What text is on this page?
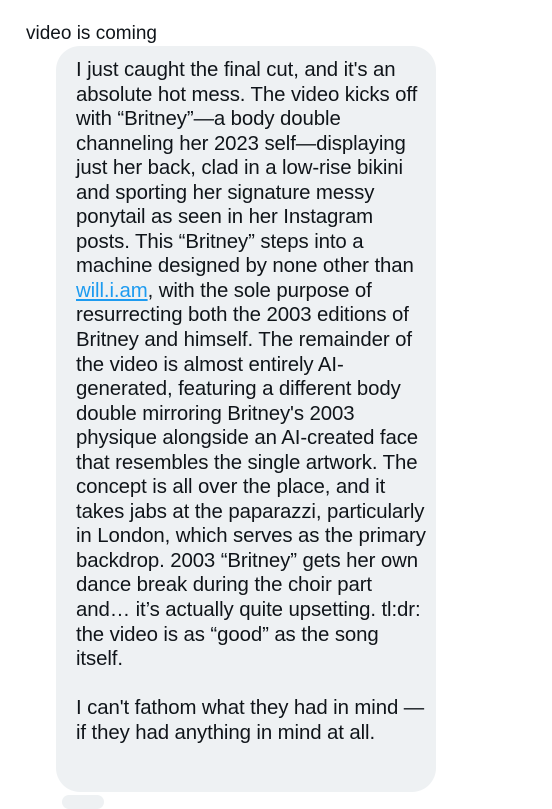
video is coming

I just caught the final cut, and it's an absolute hot mess. The video kicks off with “Britney”—a body double channeling her 2023 self—displaying just her back, clad in a low-rise bikini and sporting her signature messy ponytail as seen in her Instagram posts. This “Britney” steps into a machine designed by none other than will.i.am, with the sole purpose of resurrecting both the 2003 editions of Britney and himself. The remainder of the video is almost entirely AI-generated, featuring a different body double mirroring Britney's 2003 physique alongside an AI-created face that resembles the single artwork. The concept is all over the place, and it takes jabs at the paparazzi, particularly in London, which serves as the primary backdrop. 2003 “Britney” gets her own dance break during the choir part and… it’s actually quite upsetting. tl:dr: the video is as “good” as the song itself.

I can't fathom what they had in mind —if they had anything in mind at all.
